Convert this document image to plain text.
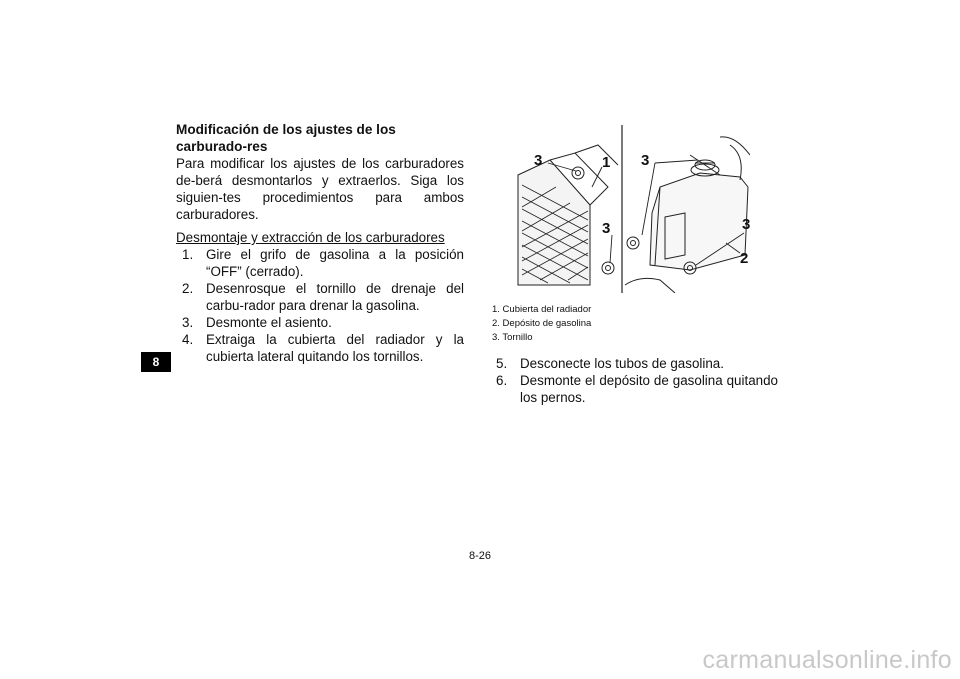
8
Modificación de los ajustes de los carburado-res
Para modificar los ajustes de los carburadores de-berá desmontarlos y extraerlos. Siga los siguien-tes procedimientos para ambos carburadores.
Desmontaje y extracción de los carburadores
1. Gire el grifo de gasolina a la posición “OFF” (cerrado).
2. Desenrosque el tornillo de drenaje del carbu-rador para drenar la gasolina.
3. Desmonte el asiento.
4. Extraiga la cubierta del radiador y la cubierta lateral quitando los tornillos.
3	1 3
3	3
2
1. Cubierta del radiador
2. Depósito de gasolina
3. Tornillo
5. Desconecte los tubos de gasolina.
6. Desmonte el depósito de gasolina quitando los pernos.
8-26
carmanualsonline.info
